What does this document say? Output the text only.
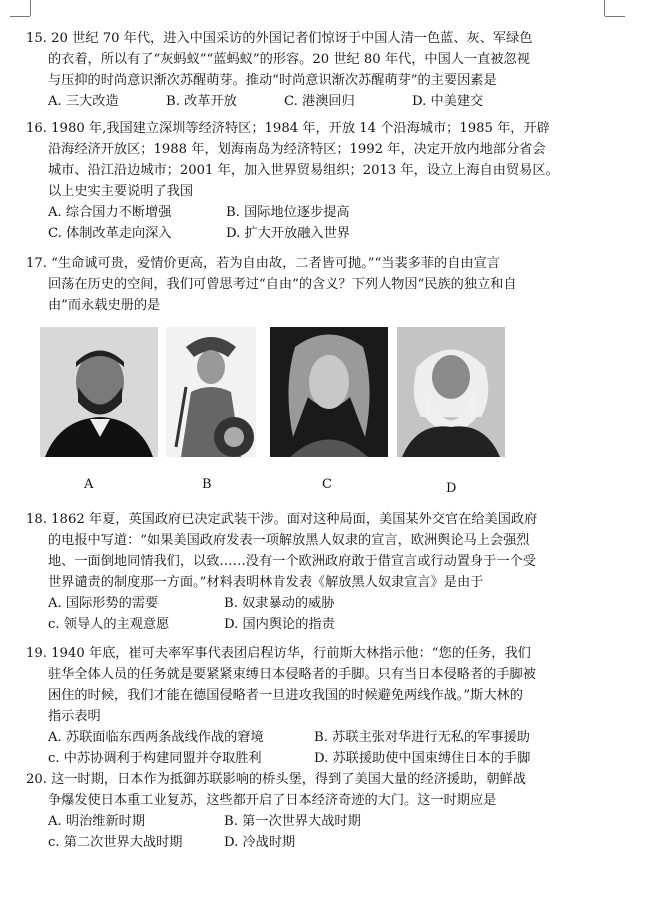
15. 20 世纪 70 年代，进入中国采访的外国记者们惊讶于中国人清一色蓝、灰、军绿色
的衣着，所以有了“灰蚂蚁”“蓝蚂蚁”的形容。20 世纪 80 年代，中国人一直被忽视
与压抑的时尚意识渐次苏醒萌芽。推动“时尚意识渐次苏醒萌芽”的主要因素是
A. 三大改造	B. 改革开放	C. 港澳回归	D. 中美建交
16. 1980 年,我国建立深圳等经济特区；1984 年，开放 14 个沿海城市；1985 年，开辟
沿海经济开放区；1988 年，划海南岛为经济特区；1992 年，决定开放内地部分省会
城市、沿江沿边城市；2001 年，加入世界贸易组织；2013 年，设立上海自由贸易区。
以上史实主要说明了我国
A. 综合国力不断增强	B. 国际地位逐步提高
C. 体制改革走向深入	D. 扩大开放融入世界
17. “生命诚可贵，爱情价更高，若为自由故，二者皆可抛。”“当裴多菲的自由宣言
回荡在历史的空间，我们可曾思考过“自由”的含义？下列人物因“民族的独立和自
由”而永载史册的是
A	B	C	D
18. 1862 年夏，英国政府已决定武装干涉。面对这种局面，美国某外交官在给美国政府
的电报中写道：“如果美国政府发表一项解放黑人奴隶的宣言，欧洲舆论马上会强烈
地、一面倒地同情我们，以致……没有一个欧洲政府敢于借宣言或行动置身于一个受
世界谴责的制度那一方面。”材料表明林肯发表《解放黑人奴隶宣言》是由于
A. 国际形势的需要	B. 奴隶暴动的威胁
c. 领导人的主观意愿	D. 国内舆论的指责
19. 1940 年底，崔可夫率军事代表团启程访华，行前斯大林指示他：“您的任务，我们
驻华全体人员的任务就是要紧紧束缚日本侵略者的手脚。只有当日本侵略者的手脚被
困住的时候，我们才能在德国侵略者一旦进攻我国的时候避免两线作战。”斯大林的
指示表明
A. 苏联面临东西两条战线作战的窘境	B. 苏联主张对华进行无私的军事援助
c. 中苏协调利于构建同盟并夺取胜利	D. 苏联援助使中国束缚住日本的手脚
20. 这一时期，日本作为抵御苏联影响的桥头堡，得到了美国大量的经济援助，朝鲜战
争爆发使日本重工业复苏，这些都开启了日本经济奇迹的大门。这一时期应是
A. 明治维新时期	B. 第一次世界大战时期
c. 第二次世界大战时期	D. 冷战时期
